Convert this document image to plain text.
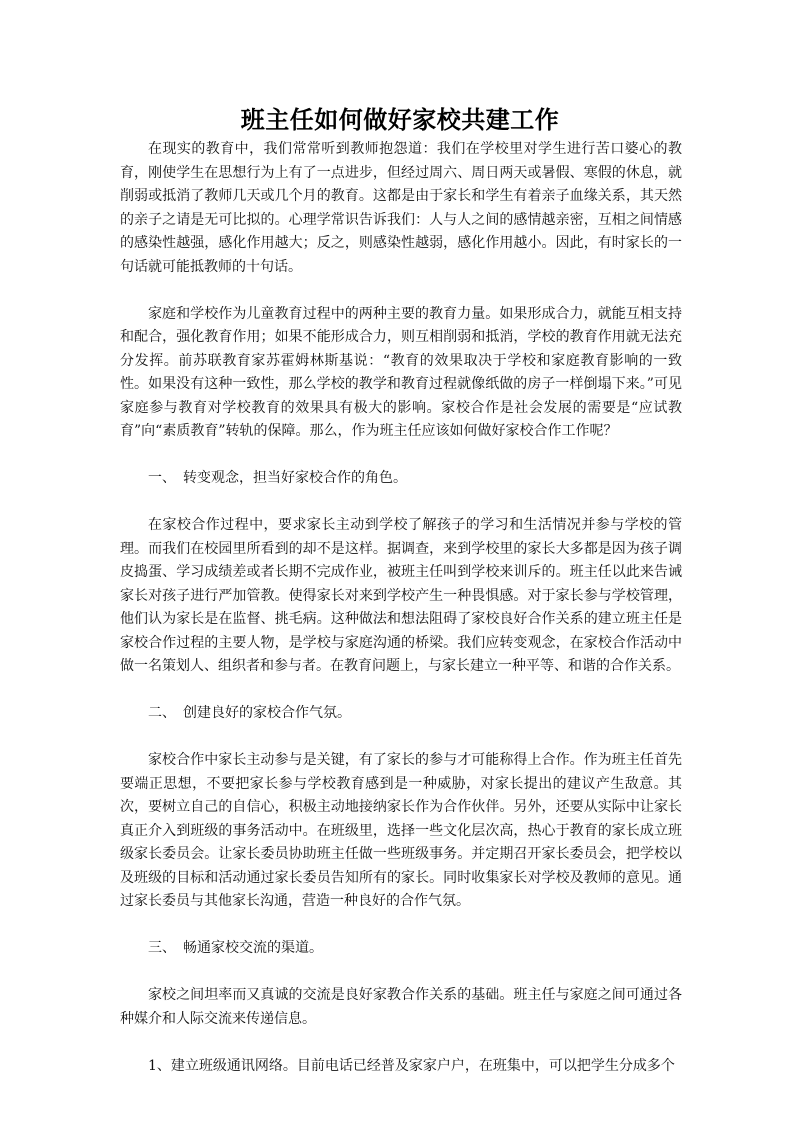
班主任如何做好家校共建工作

在现实的教育中，我们常常听到教师抱怨道：我们在学校里对学生进行苦口婆心的教育，刚使学生在思想行为上有了一点进步，但经过周六、周日两天或暑假、寒假的休息，就削弱或抵消了教师几天或几个月的教育。这都是由于家长和学生有着亲子血缘关系，其天然的亲子之请是无可比拟的。心理学常识告诉我们：人与人之间的感情越亲密，互相之间情感的感染性越强，感化作用越大；反之，则感染性越弱，感化作用越小。因此，有时家长的一句话就可能抵教师的十句话。

家庭和学校作为儿童教育过程中的两种主要的教育力量。如果形成合力，就能互相支持和配合，强化教育作用；如果不能形成合力，则互相削弱和抵消，学校的教育作用就无法充分发挥。前苏联教育家苏霍姆林斯基说：“教育的效果取决于学校和家庭教育影响的一致性。如果没有这种一致性，那么学校的教学和教育过程就像纸做的房子一样倒塌下来。”可见家庭参与教育对学校教育的效果具有极大的影响。家校合作是社会发展的需要是“应试教育”向“素质教育”转轨的保障。那么，作为班主任应该如何做好家校合作工作呢？

一、　转变观念，担当好家校合作的角色。

在家校合作过程中，要求家长主动到学校了解孩子的学习和生活情况并参与学校的管理。而我们在校园里所看到的却不是这样。据调查，来到学校里的家长大多都是因为孩子调皮捣蛋、学习成绩差或者长期不完成作业，被班主任叫到学校来训斥的。班主任以此来告诫家长对孩子进行严加管教。使得家长对来到学校产生一种畏惧感。对于家长参与学校管理，他们认为家长是在监督、挑毛病。这种做法和想法阻碍了家校良好合作关系的建立班主任是家校合作过程的主要人物，是学校与家庭沟通的桥梁。我们应转变观念，在家校合作活动中做一名策划人、组织者和参与者。在教育问题上，与家长建立一种平等、和谐的合作关系。

二、　创建良好的家校合作气氛。

家校合作中家长主动参与是关键，有了家长的参与才可能称得上合作。作为班主任首先要端正思想，不要把家长参与学校教育感到是一种威胁，对家长提出的建议产生敌意。其次，要树立自己的自信心，积极主动地接纳家长作为合作伙伴。另外，还要从实际中让家长真正介入到班级的事务活动中。在班级里，选择一些文化层次高，热心于教育的家长成立班级家长委员会。让家长委员协助班主任做一些班级事务。并定期召开家长委员会，把学校以及班级的目标和活动通过家长委员告知所有的家长。同时收集家长对学校及教师的意见。通过家长委员与其他家长沟通，营造一种良好的合作气氛。

三、　畅通家校交流的渠道。

家校之间坦率而又真诚的交流是良好家教合作关系的基础。班主任与家庭之间可通过各种媒介和人际交流来传递信息。

1、建立班级通讯网络。目前电话已经普及家家户户，在班集中，可以把学生分成多个
